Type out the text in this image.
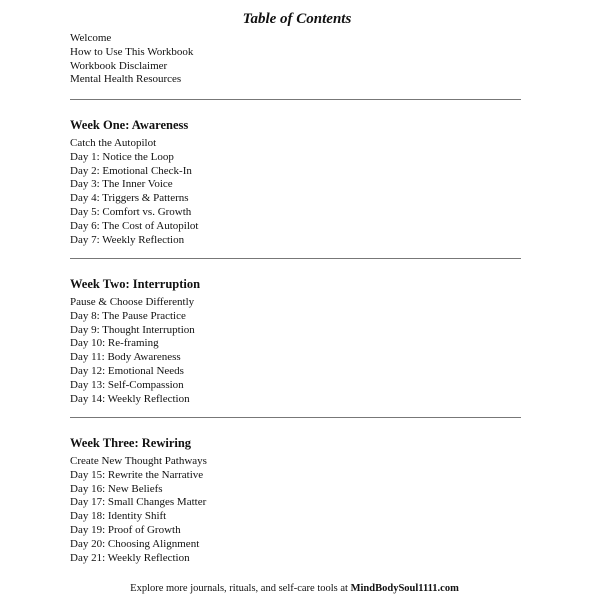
Table of Contents
Welcome
How to Use This Workbook
Workbook Disclaimer
Mental Health Resources
Week One: Awareness
Catch the Autopilot
Day 1: Notice the Loop
Day 2: Emotional Check-In
Day 3: The Inner Voice
Day 4: Triggers & Patterns
Day 5: Comfort vs. Growth
Day 6: The Cost of Autopilot
Day 7: Weekly Reflection
Week Two: Interruption
Pause & Choose Differently
Day 8: The Pause Practice
Day 9: Thought Interruption
Day 10: Re-framing
Day 11: Body Awareness
Day 12: Emotional Needs
Day 13: Self-Compassion
Day 14: Weekly Reflection
Week Three: Rewiring
Create New Thought Pathways
Day 15: Rewrite the Narrative
Day 16: New Beliefs
Day 17: Small Changes Matter
Day 18: Identity Shift
Day 19: Proof of Growth
Day 20: Choosing Alignment
Day 21: Weekly Reflection
Explore more journals, rituals, and self-care tools at MindBodySoul1111.com
